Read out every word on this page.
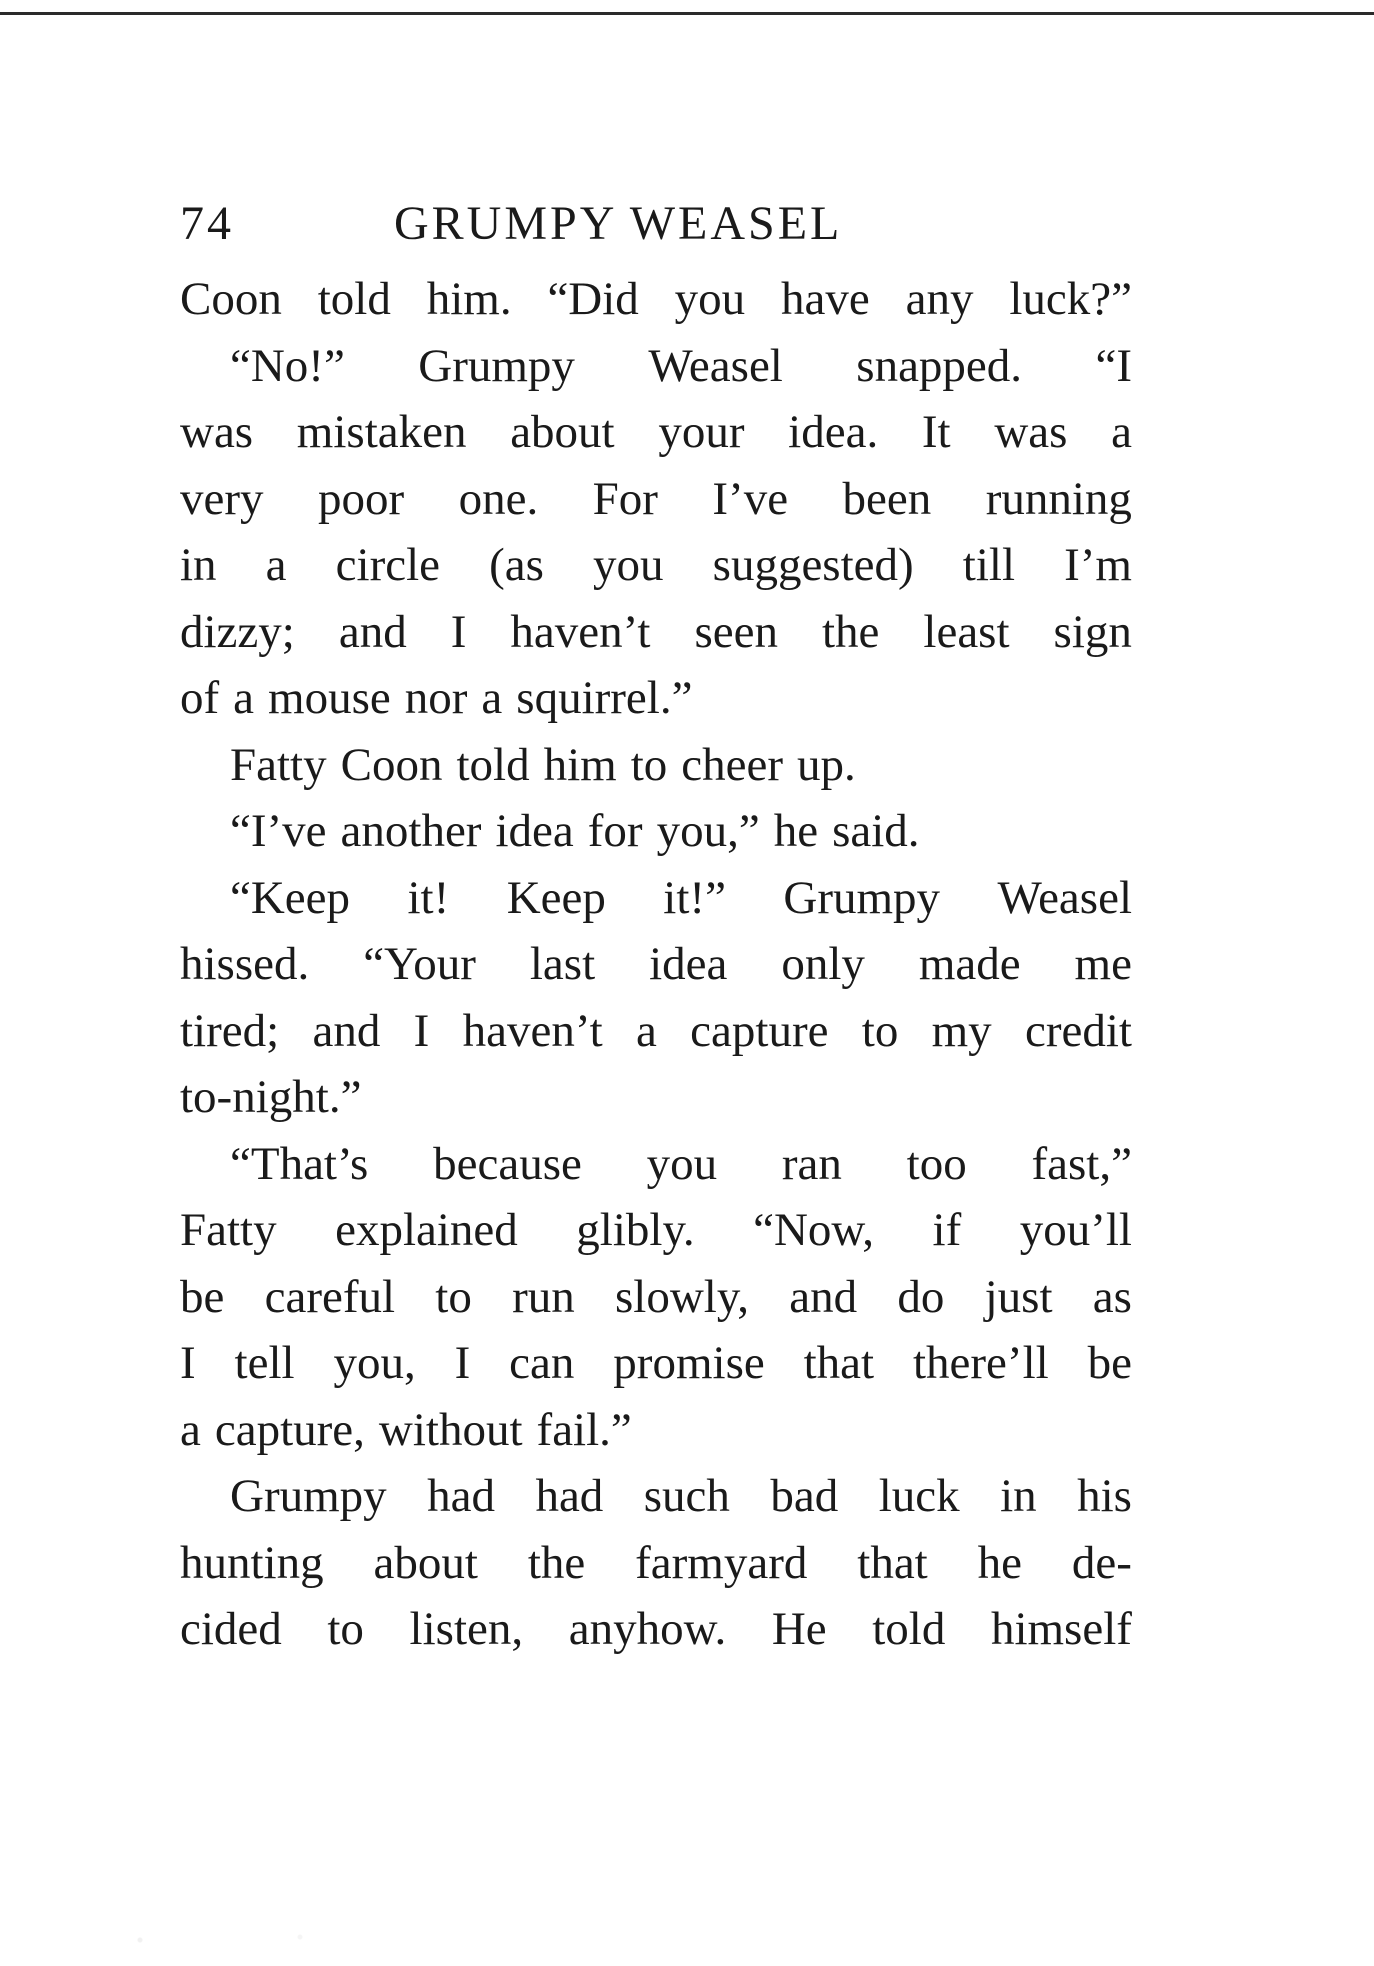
74	GRUMPY WEASEL
Coon told him. “Did you have any luck?”
“No!” Grumpy Weasel snapped. “I
was mistaken about your idea. It was a
very poor one. For I’ve been running
in a circle (as you suggested) till I’m
dizzy; and I haven’t seen the least sign
of a mouse nor a squirrel.”
Fatty Coon told him to cheer up.
“I’ve another idea for you,” he said.
“Keep it! Keep it!” Grumpy Weasel
hissed. “Your last idea only made me
tired; and I haven’t a capture to my credit
to-night.”
“That’s because you ran too fast,”
Fatty explained glibly. “Now, if you’ll
be careful to run slowly, and do just as
I tell you, I can promise that there’ll be
a capture, without fail.”
Grumpy had had such bad luck in his
hunting about the farmyard that he de-
cided to listen, anyhow. He told himself
